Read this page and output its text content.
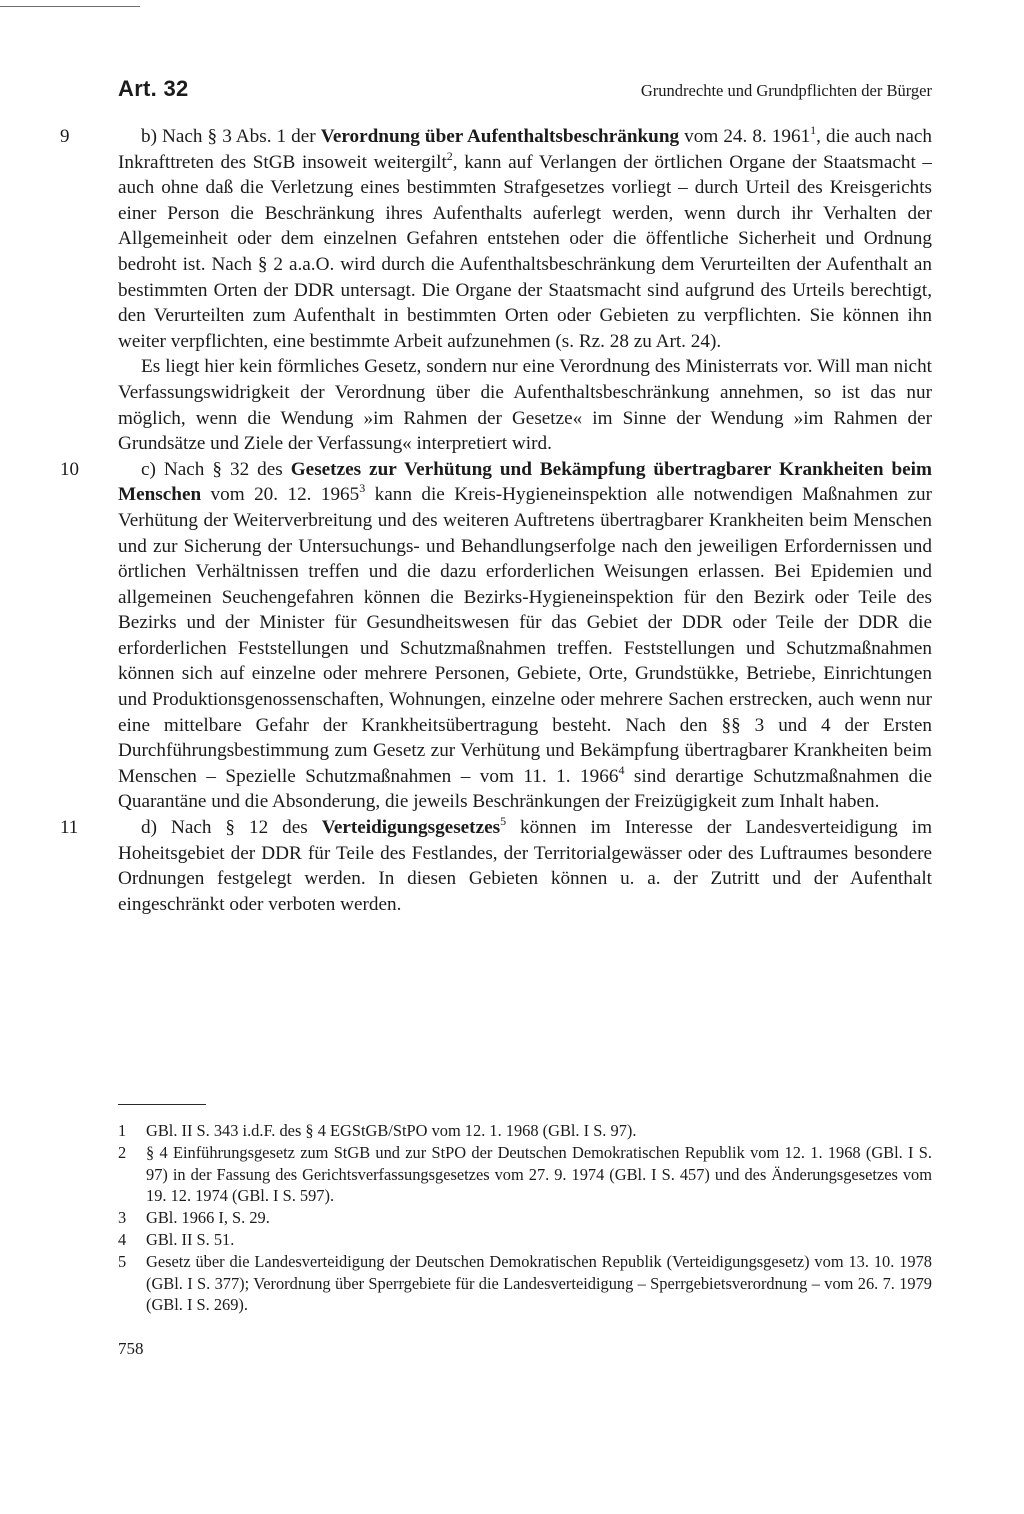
Art. 32	Grundrechte und Grundpflichten der Bürger

9	b) Nach § 3 Abs. 1 der Verordnung über Aufenthaltsbeschränkung vom 24. 8. 1961$^1$, die auch nach Inkrafttreten des StGB insoweit weitergilt$^2$, kann auf Verlangen der örtlichen Organe der Staatsmacht – auch ohne daß die Verletzung eines bestimmten Strafgesetzes vorliegt – durch Urteil des Kreisgerichts einer Person die Beschränkung ihres Aufenthalts auferlegt werden, wenn durch ihr Verhalten der Allgemeinheit oder dem einzelnen Gefahren entstehen oder die öffentliche Sicherheit und Ordnung bedroht ist. Nach § 2 a.a.O. wird durch die Aufenthaltsbeschränkung dem Verurteilten der Aufenthalt an bestimmten Orten der DDR untersagt. Die Organe der Staatsmacht sind aufgrund des Urteils berechtigt, den Verurteilten zum Aufenthalt in bestimmten Orten oder Gebieten zu verpflichten. Sie können ihn weiter verpflichten, eine bestimmte Arbeit aufzunehmen (s. Rz. 28 zu Art. 24).

Es liegt hier kein förmliches Gesetz, sondern nur eine Verordnung des Ministerrats vor. Will man nicht Verfassungswidrigkeit der Verordnung über die Aufenthaltsbeschränkung annehmen, so ist das nur möglich, wenn die Wendung »im Rahmen der Gesetze« im Sinne der Wendung »im Rahmen der Grundsätze und Ziele der Verfassung« interpretiert wird.

10	c) Nach § 32 des Gesetzes zur Verhütung und Bekämpfung übertragbarer Krankheiten beim Menschen vom 20. 12. 1965$^3$ kann die Kreis-Hygieneinspektion alle notwendigen Maßnahmen zur Verhütung der Weiterverbreitung und des weiteren Auftretens übertragbarer Krankheiten beim Menschen und zur Sicherung der Untersuchungs- und Behandlungserfolge nach den jeweiligen Erfordernissen und örtlichen Verhältnissen treffen und die dazu erforderlichen Weisungen erlassen. Bei Epidemien und allgemeinen Seuchengefahren können die Bezirks-Hygieneinspektion für den Bezirk oder Teile des Bezirks und der Minister für Gesundheitswesen für das Gebiet der DDR oder Teile der DDR die erforderlichen Feststellungen und Schutzmaßnahmen treffen. Feststellungen und Schutzmaßnahmen können sich auf einzelne oder mehrere Personen, Gebiete, Orte, Grundstükke, Betriebe, Einrichtungen und Produktionsgenossenschaften, Wohnungen, einzelne oder mehrere Sachen erstrecken, auch wenn nur eine mittelbare Gefahr der Krankheitsübertragung besteht. Nach den §§ 3 und 4 der Ersten Durchführungsbestimmung zum Gesetz zur Verhütung und Bekämpfung übertragbarer Krankheiten beim Menschen – Spezielle Schutzmaßnahmen – vom 11. 1. 1966$^4$ sind derartige Schutzmaßnahmen die Quarantäne und die Absonderung, die jeweils Beschränkungen der Freizügigkeit zum Inhalt haben.

11	d) Nach § 12 des Verteidigungsgesetzes$^5$ können im Interesse der Landesverteidigung im Hoheitsgebiet der DDR für Teile des Festlandes, der Territorialgewässer oder des Luftraumes besondere Ordnungen festgelegt werden. In diesen Gebieten können u. a. der Zutritt und der Aufenthalt eingeschränkt oder verboten werden.

1	GBl. II S. 343 i.d.F. des § 4 EGStGB/StPO vom 12. 1. 1968 (GBl. I S. 97).
2	§ 4 Einführungsgesetz zum StGB und zur StPO der Deutschen Demokratischen Republik vom 12. 1. 1968 (GBl. I S. 97) in der Fassung des Gerichtsverfassungsgesetzes vom 27. 9. 1974 (GBl. I S. 457) und des Änderungsgesetzes vom 19. 12. 1974 (GBl. I S. 597).
3	GBl. 1966 I, S. 29.
4	GBl. II S. 51.
5	Gesetz über die Landesverteidigung der Deutschen Demokratischen Republik (Verteidigungsgesetz) vom 13. 10. 1978 (GBl. I S. 377); Verordnung über Sperrgebiete für die Landesverteidigung – Sperrgebietsverordnung – vom 26. 7. 1979 (GBl. I S. 269).
758
